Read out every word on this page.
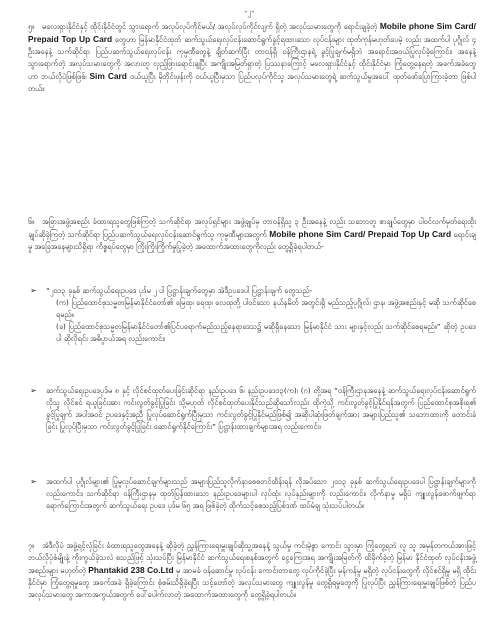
-၂-
၅။ မလေးရှားနိုင်ငံနှင့် ထိုင်းနိုင်ငံတွင် သွားရောက် အလုပ်လုပ်ကိုင်မယ်/ အလုပ်လုပ်ကိုင်လျက် ရှိတဲ့ အလုပ်သမားတွေကို ရောင်းချခဲ့တဲ့ Mobile phone Sim Card/ Prepaid Top Up Card တွေဟာ မြန်မာနိုင်ငံထုတ် ဆက်သွယ်ရေးလုပ်ငန်းဆောင်ရွက်ခွင့်ရထားသော လုပ်ငန်းများ ထုတ်ကုန်မဟုတ်ပေမဲ့ လည်း အထက်ပါ ပုဂ္ဂိုလ် ၄ ဦးအနေနဲ့ သက်ဆိုင်ရာ ပြည်ပဆက်သွယ်ရေးလုပ်ငန်း ကုမ္ပဏီတွေနဲ့ ချိတ်ဆက်ပြီး တာဝန်ရှိ ဝန်ကြီးဌာနရဲ့ ခွင့်ပြုချက်မရှိဘဲ အရောင်းအဝယ်ပြုလုပ်ခဲ့ကြောင်း၊ အနေနဲ့ သွားရောက်တဲ့ အလုပ်သမားတွေကို အလားတူ လှည့်ဖြားရောင်းချပြီး အကျိုးအမြတ်ရှာတဲ့ ပြဿနာကြောင့် မလေးရှားနိုင်ငံနှင့် ထိုင်းနိုင်ငံမှာ ကြုံတွေ့နေရတဲ့ အခက်အခဲတွေဟာ ဘယ်လိုပဲဖြစ်ဖြစ်၊ Sim Card ဝယ်ယူပြီး မိုဘိုင်းဖုန်းကို ဝယ်ယူပြီးမှသာ ပြည်ပလုပ်ကိုင်သူ အလုပ်သမားတွေရဲ့ ဆက်သွယ်မှုအပေါ် ထုတ်ဖော်ပြောကြားခဲ့တာ ဖြစ်ပါတယ်။
၆။ အခြားအဖွဲ့အစည်း ခံထားရသူတွေဖြစ်ကြတဲ့ သက်ဆိုင်ရာ အလုပ်ရှင်များ အဖွဲ့ချုပ်မှ တာဝန်ရှိသူ ၃ ဦးအနေနဲ့ လည်း သဘောတူ စာချုပ်တွေမှာ ပါဝင်လက်မှတ်ရေးထိုး ချုပ်ဆိုခဲ့ကြတဲ့ သက်ဆိုင်ရာ ပြည်ပဆက်သွယ်ရေးလုပ်ငန်းဆောင်ရွက်သူ ကုမ္ပဏီများအတွက် Mobile phone Sim Card/ Prepaid Top Up Card ရောင်းချမှု အခြေအနေများသိရှိရာ ကိစ္စရပ်တွေမှာ ကြိုးကြိုးကြိုက်မှုပြုခဲ့တဲ့ အထောက်အထားတွေကိုလည်း တွေ့ရှိခဲ့ရပါတယ်-
➢ “၂၀၁၃ ခုနှစ် ဆက်သွယ်ရေးဥပဒေ ပုဒ်မ ၂ ပါ ပြဋ္ဌာန်းချက်တွေမှာ အဲဒီဥပဒေပါ ပြဋ္ဌာန်းချက် တွေသည်-
(က) ပြည်ထောင်စုသမ္မတမြန်မာနိုင်ငံတော်၏ မြေထု၊ ရေထု၊ လေထုတို့ ပါဝင်သော နယ်နမိတ် အတွင်းရှိ မည်သည့်ပုဂ္ဂိုလ်၊ ဌာန၊ အဖွဲ့အစည်းနှင့် မဆို သက်ဆိုင်စေရမည်။
(ခ) ပြည်ထောင်စုသမ္မတမြန်မာနိုင်ငံတော်၏ပြင်ပရောက်မည်သည့်နေရာဒေသ၌ မဆိုရှိနေသော မြန်မာနိုင်ငံ သား များနှင့်လည်း သက်ဆိုင်စေရမည်။” ဆိုတဲ့ ဥပဒေပါ ဆိုလိုရင်း အဓိပ္ပာယ်အရ လည်းကောင်း၊
➢ ဆက်သွယ်ရေးဥပဒေပုဒ်မ ၈ နှင့် လိုင်စင်ထုတ်ပေးခြင်းဆိုင်ရာ နည်းဥပဒေ ၆၊ နည်းဥပဒေ၁၃(က)၊ (ဂ) တို့အရ “ဝန်ကြီးဌာနအနေနဲ့ ဆက်သွယ်ရေးလုပ်ငန်းဆောင်ရွက်လိုသူ လိုင်စင် ရယူခြင်းအား ကင်းလွတ်ခွင့်ပြုခြင်း သို့မဟုတ် လိုင်စင်ထုတ်ပေးနိုင်သည်ဆိုသော်လည်း ထိုကဲ့သို့ ကင်းလွတ်ခွင့်ပြုနိုင်ရန်အတွက် ပြည်ထောင်စုအစိုးရ၏ ခွင့်ပြုချက် အပါအဝင် ဥပဒေနှင့်အညီ ပြုလုပ်ဆောင်ရွက်ပြီးမှသာ ကင်းလွတ်ခွင့်ပြုနိုင်မည်ဖြစ်၍ အဆိုပါဆုံးဖြတ်ချက်အား အများပြည်သူ၏ သဘောထားကို တောင်းခံခြင်း ပြုလုပ်ပြီးမှသာ ကင်းလွတ်ခွင့်ပြုခြင်း ဆောင်ရွက်နိုင်ကြောင်း” ပြဋ္ဌာန်းထားချက်များအရ လည်းကောင်း၊
➢ အထက်ပါ ပုဂ္ဂိုလ်များ၏ ပြုမူလုပ်ဆောင်ချက်များသည် အများပြည်သူလိုက်နာစေစတင်ထိန်းရန် လိုအပ်သော ၂၀၁၃ ခုနှစ် ဆက်သွယ်ရေးဥပဒေပါ ပြဋ္ဌာန်းချက်များကိုလည်းကောင်း၊ သက်ဆိုင်ရာ ဝန်ကြီးဌာနမှ ထုတ်ပြန်ထားသော နည်းဥပဒေများပါ လုပ်ထုံး လုပ်နည်းများကို လည်းကောင်း၊ လိုက်နာမှု မရှိပဲ ကျူးလွန်ဖောက်ဖျက်ရာ ရောက်ကြောင်းအတွက် ဆက်သွယ်ရေး ဥပဒေ ပုဒ်မ ၆၅ အရ ဖြစ်ခဲ့တဲ့ ထိုက်သင့်စေသည့်ပြစ်ဒဏ် ထပ်မံချ သုံးသပ်ပါတယ်။
၇။ အဲဒီလိုပဲ အဖွဲ့ရင့်လုံခြင်း ခံထားရသူတွေအနေနဲ့ ဆိုခဲ့တဲ့ ညွှန်ကြားရေးမှူးချုပ်ဆိုသူ့အနေနဲ့ သွယ်မှု ကင်းမဲ့စွာ ကောင်း သွားမှာ ကြုံတွေ့ရဘဲ လူ သူ အမှန်တကယ်အားဖြင့် ဘယ်လိုပုံစံမျိုးနဲ့ ကိုးကွယ်ခဲ့သလဲ စသည်ဖြင့် သုံးသပ်ပြီး မြန်မာနိုင်ငံ ဆက်သွယ်ရေးစနစ်အတွက် ငွေကြေးအရ အကျိုးအမြတ်ကို ထိခိုက်ခဲ့တဲ့ မြန်မာ နိုင်ငံထုတ် လုပ်ငန်းအဖွဲ့အစည်းများ မဟုတ်တဲ့ Phantakid 238 Co.Ltd မှ အာမခံ ဝန်ဆောင်မှု လုပ်ငန်း ကောင်းတာတွေ လုပ်ကိုင်ခဲ့ပြီး မှန်ကန်မှု မရှိတဲ့ လုပ်ငန်းတွေကို လိုင်စင်ရှိမှု မရှိ ထိုင်းနိုင်ငံမှာ ကြုံတွေ့ရမှုတွေ အခက်အခဲ ရှိခဲ့ကြောင်း စုံစမ်းသိရှိခဲ့ရပြီး သင့်တော်တဲ့ အလုပ်သမားတွေ ကျူးလွန်မှု တွေ့ရှိရမှုတွေကို ပြုလုပ်ပြီး ညွှန်ကြားရေးမှူးချုပ်ဖြစ်တဲ့ ပြည်ပအလုပ်သမားတွေ အကာအကွယ်အတွက် ပေါ်ပေါက်လာတဲ့ အထောက်အထားတွေကို တွေ့ရှိခဲ့ရပါတယ်။
